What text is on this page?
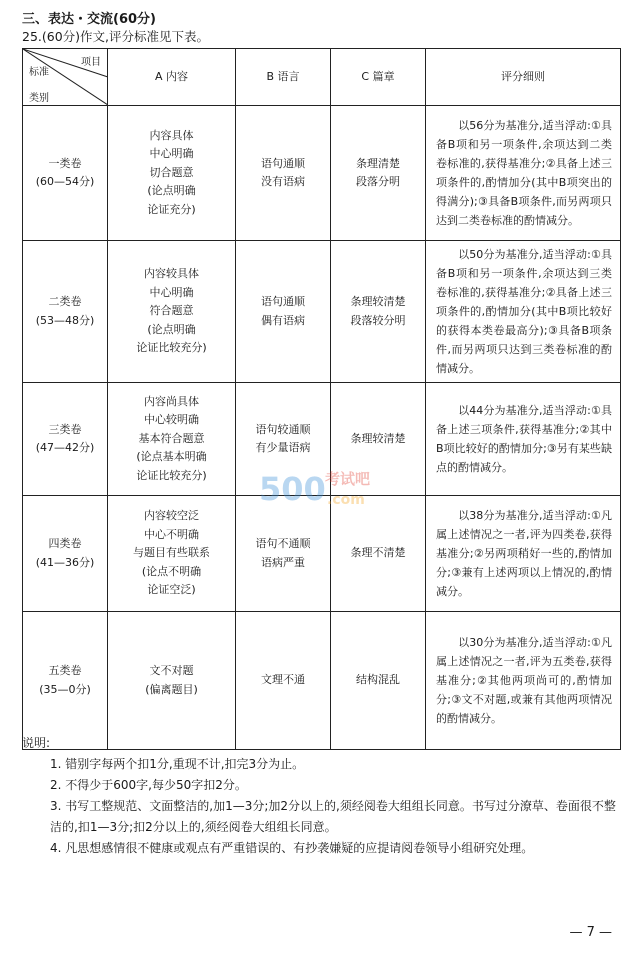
三、表达・交流(60分)
25.(60分)作文,评分标准见下表。
项目
标准
类别	A 内容	B 语言	C 篇章	评分细则

一类卷
(60—54分)	内容具体
中心明确
切合题意
(论点明确
论证充分)	语句通顺
没有语病	条理清楚
段落分明	以56分为基准分,适当浮动:①具备B项和另一项条件,余项达到二类卷标准的,获得基准分;②具备上述三项条件的,酌情加分(其中B项突出的得满分);③具备B项条件,而另两项只达到二类卷标准的酌情减分。

二类卷
(53—48分)	内容较具体
中心明确
符合题意
(论点明确
论证比较充分)	语句通顺
偶有语病	条理较清楚
段落较分明	以50分为基准分,适当浮动:①具备B项和另一项条件,余项达到三类卷标准的,获得基准分;②具备上述三项条件的,酌情加分(其中B项比较好的获得本类卷最高分);③具备B项条件,而另两项只达到三类卷标准的酌情减分。

三类卷
(47—42分)	内容尚具体
中心较明确
基本符合题意
(论点基本明确
论证比较充分)	语句较通顺
有少量语病	条理较清楚	以44分为基准分,适当浮动:①具备上述三项条件,获得基准分;②其中B项比较好的酌情加分;③另有某些缺点的酌情减分。

四类卷
(41—36分)	内容较空泛
中心不明确
与题目有些联系
(论点不明确
论证空泛)	语句不通顺
语病严重	条理不清楚	以38分为基准分,适当浮动:①凡属上述情况之一者,评为四类卷,获得基准分;②另两项稍好一些的,酌情加分;③兼有上述两项以上情况的,酌情减分。

五类卷
(35—0分)	文不对题
(偏离题目)	文理不通	结构混乱	以30分为基准分,适当浮动:①凡属上述情况之一者,评为五类卷,获得基准分;②其他两项尚可的,酌情加分;③文不对题,或兼有其他两项情况的酌情减分。
说明:
1. 错别字每两个扣1分,重现不计,扣完3分为止。
2. 不得少于600字,每少50字扣2分。
3. 书写工整规范、文面整洁的,加1—3分;加2分以上的,须经阅卷大组组长同意。书写过分潦草、卷面很不整洁的,扣1—3分;扣2分以上的,须经阅卷大组组长同意。
4. 凡思想感情很不健康或观点有严重错误的、有抄袭嫌疑的应提请阅卷领导小组研究处理。
500 考试吧
.com
— 7 —
